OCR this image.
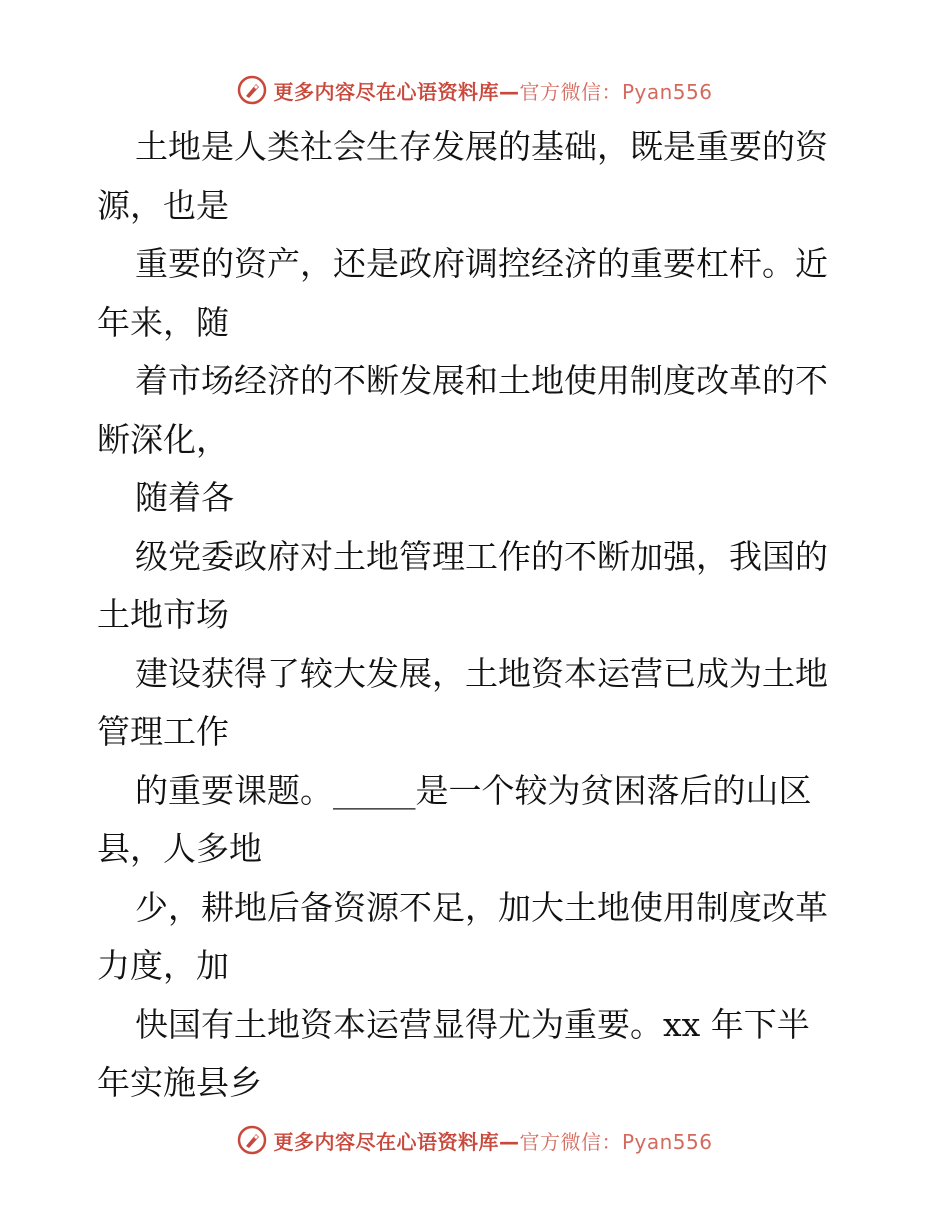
更多内容尽在心语资料库—官方微信：Pyan556
土地是人类社会生存发展的基础，既是重要的资
源，也是
重要的资产，还是政府调控经济的重要杠杆。近
年来，随
着市场经济的不断发展和土地使用制度改革的不
断深化，
随着各
级党委政府对土地管理工作的不断加强，我国的
土地市场
建设获得了较大发展，土地资本运营已成为土地
管理工作
的重要课题。_____是一个较为贫困落后的山区
县，人多地
少，耕地后备资源不足，加大土地使用制度改革
力度，加
快国有土地资本运营显得尤为重要。xx 年下半
年实施县乡
更多内容尽在心语资料库—官方微信：Pyan556
